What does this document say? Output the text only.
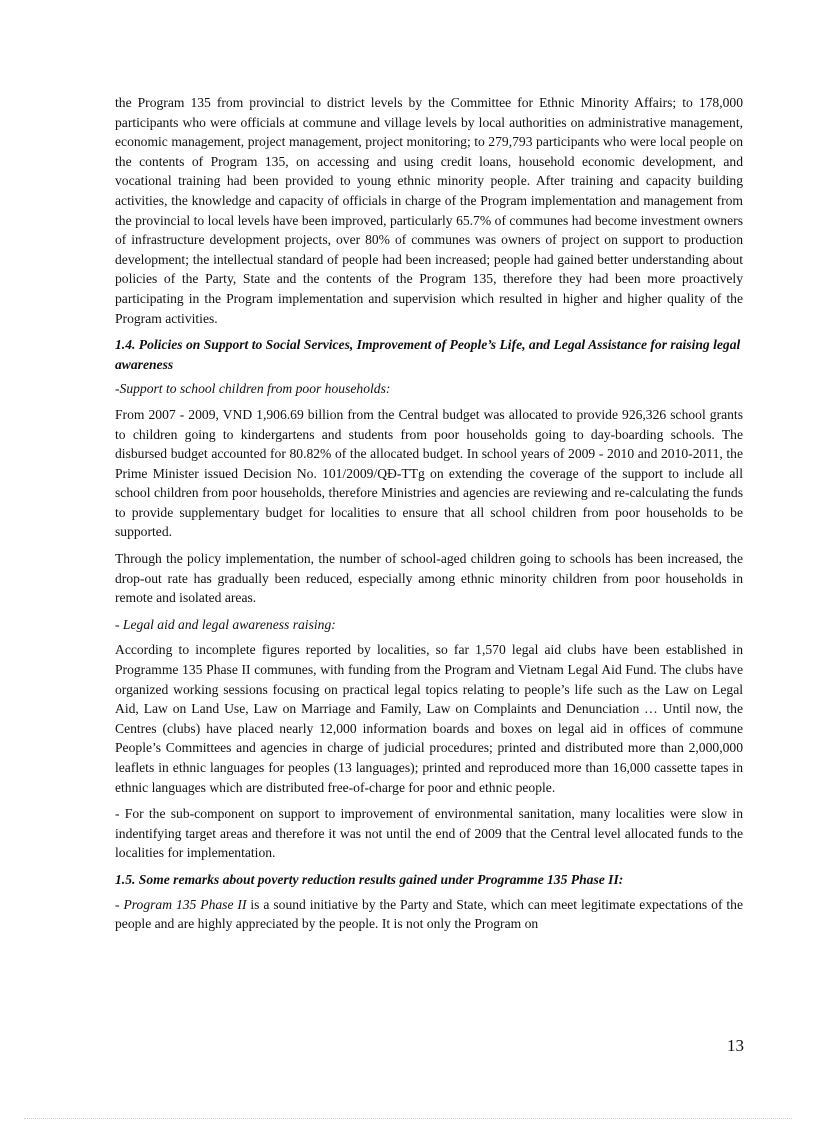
the Program 135 from provincial to district levels by the Committee for Ethnic Minority Affairs; to 178,000 participants who were officials at commune and village levels by local authorities on administrative management, economic management, project management, project monitoring; to 279,793 participants who were local people on the contents of Program 135, on accessing and using credit loans, household economic development, and vocational training had been provided to young ethnic minority people. After training and capacity building activities, the knowledge and capacity of officials in charge of the Program implementation and management from the provincial to local levels have been improved, particularly 65.7% of communes had become investment owners of infrastructure development projects, over 80% of communes was owners of project on support to production development; the intellectual standard of people had been increased; people had gained better understanding about policies of the Party, State and the contents of the Program 135, therefore they had been more proactively participating in the Program implementation and supervision which resulted in higher and higher quality of the Program activities.

1.4. Policies on Support to Social Services, Improvement of People’s Life, and Legal Assistance for raising legal awareness

-Support to school children from poor households:

From 2007 - 2009, VND 1,906.69 billion from the Central budget was allocated to provide 926,326 school grants to children going to kindergartens and students from poor households going to day-boarding schools. The disbursed budget accounted for 80.82% of the allocated budget. In school years of 2009 - 2010 and 2010-2011, the Prime Minister issued Decision No. 101/2009/QĐ-TTg on extending the coverage of the support to include all school children from poor households, therefore Ministries and agencies are reviewing and re-calculating the funds to provide supplementary budget for localities to ensure that all school children from poor households to be supported.

Through the policy implementation, the number of school-aged children going to schools has been increased, the drop-out rate has gradually been reduced, especially among ethnic minority children from poor households in remote and isolated areas.

- Legal aid and legal awareness raising:

According to incomplete figures reported by localities, so far 1,570 legal aid clubs have been established in Programme 135 Phase II communes, with funding from the Program and Vietnam Legal Aid Fund. The clubs have organized working sessions focusing on practical legal topics relating to people’s life such as the Law on Legal Aid, Law on Land Use, Law on Marriage and Family, Law on Complaints and Denunciation … Until now, the Centres (clubs) have placed nearly 12,000 information boards and boxes on legal aid in offices of commune People’s Committees and agencies in charge of judicial procedures; printed and distributed more than 2,000,000 leaflets in ethnic languages for peoples (13 languages); printed and reproduced more than 16,000 cassette tapes in ethnic languages which are distributed free-of-charge for poor and ethnic people.

- For the sub-component on support to improvement of environmental sanitation, many localities were slow in indentifying target areas and therefore it was not until the end of 2009 that the Central level allocated funds to the localities for implementation.

1.5. Some remarks about poverty reduction results gained under Programme 135 Phase II:

- Program 135 Phase II is a sound initiative by the Party and State, which can meet legitimate expectations of the people and are highly appreciated by the people. It is not only the Program on

13
